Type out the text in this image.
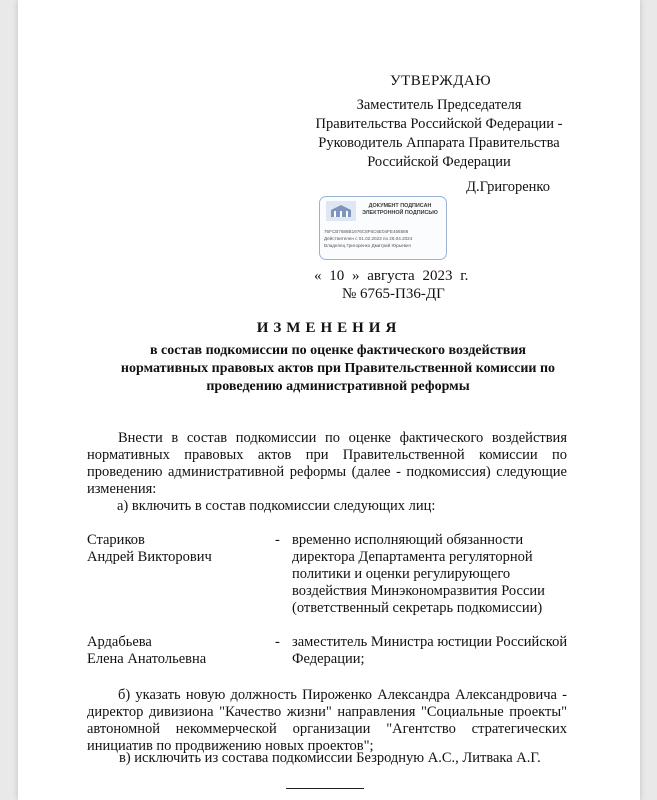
УТВЕРЖДАЮ
Заместитель Председателя
Правительства Российской Федерации -
Руководитель Аппарата Правительства
Российской Федерации
Д.Григоренко
ДОКУМЕНТ ПОДПИСАН
ЭЛЕКТРОННОЙ ПОДПИСЬЮ
76FCB7688B1976C8F6C6E04FE456586
Действителен с 01.02.2023 по 26.04.2024
Владелец Григоренко Дмитрий Юрьевич
« 10 » августа 2023 г.
№ 6765-П36-ДГ
ИЗМЕНЕНИЯ
в состав подкомиссии по оценке фактического воздействия нормативных правовых актов при Правительственной комиссии по проведению административной реформы
Внести в состав подкомиссии по оценке фактического воздействия нормативных правовых актов при Правительственной комиссии по проведению административной реформы (далее - подкомиссия) следующие изменения:
а) включить в состав подкомиссии следующих лиц:
Стариков
Андрей Викторович
- временно исполняющий обязанности директора Департамента регуляторной политики и оценки регулирующего воздействия Минэкономразвития России (ответственный секретарь подкомиссии)
Ардабьева
Елена Анатольевна
- заместитель Министра юстиции Российской Федерации;
б) указать новую должность Пироженко Александра Александровича - директор дивизиона "Качество жизни" направления "Социальные проекты" автономной некоммерческой организации "Агентство стратегических инициатив по продвижению новых проектов";
в) исключить из состава подкомиссии Безродную А.С., Литвака А.Г.
